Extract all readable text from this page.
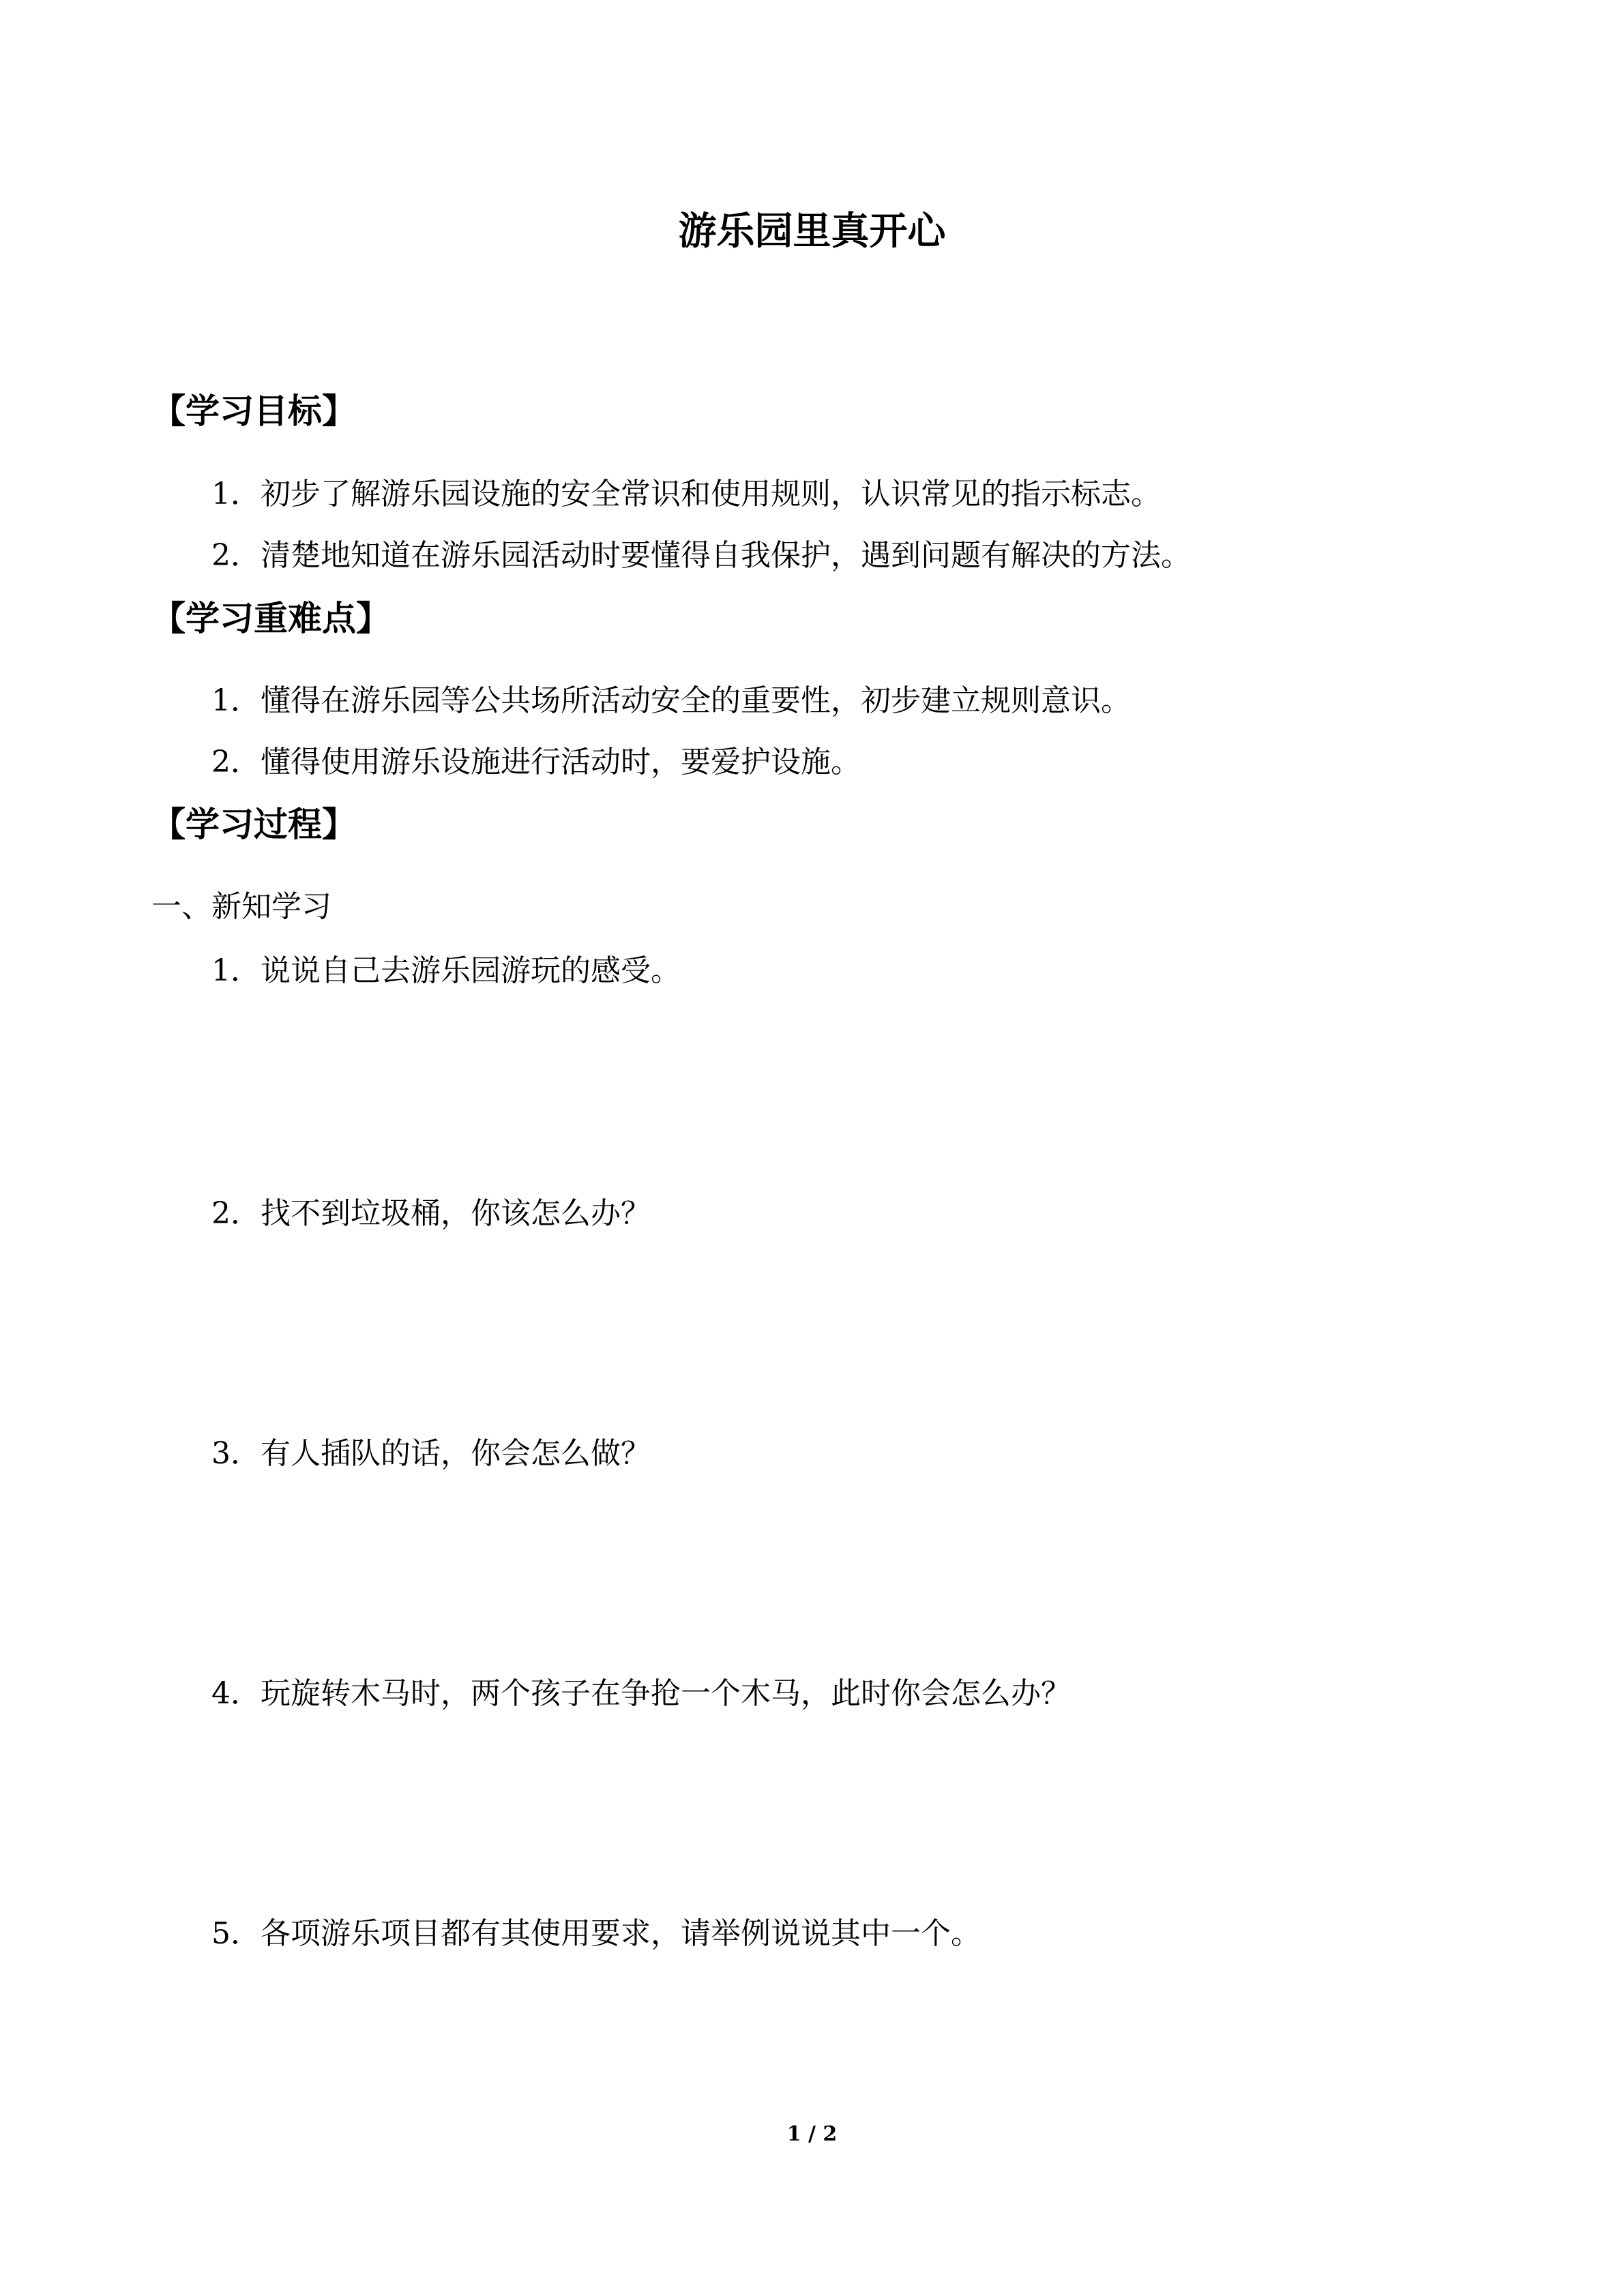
游乐园里真开心
【学习目标】
1．初步了解游乐园设施的安全常识和使用规则，认识常见的指示标志。
2．清楚地知道在游乐园活动时要懂得自我保护，遇到问题有解决的方法。
【学习重难点】
1．懂得在游乐园等公共场所活动安全的重要性，初步建立规则意识。
2．懂得使用游乐设施进行活动时，要爱护设施。
【学习过程】
一、新知学习
1．说说自己去游乐园游玩的感受。
2．找不到垃圾桶，你该怎么办？
3．有人插队的话，你会怎么做？
4．玩旋转木马时，两个孩子在争抢一个木马，此时你会怎么办？
5．各项游乐项目都有其使用要求，请举例说说其中一个。
1 / 2
